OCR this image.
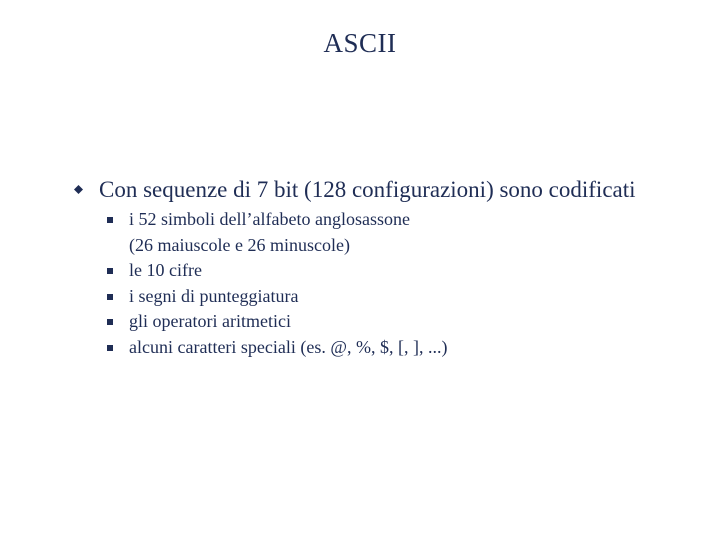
ASCII
Con sequenze di 7 bit (128 configurazioni) sono codificati
i 52 simboli dell’alfabeto anglosassone
(26 maiuscole e 26 minuscole)
le 10 cifre
i segni di punteggiatura
gli operatori aritmetici
alcuni caratteri speciali (es. @, %, $, [, ], ...)
